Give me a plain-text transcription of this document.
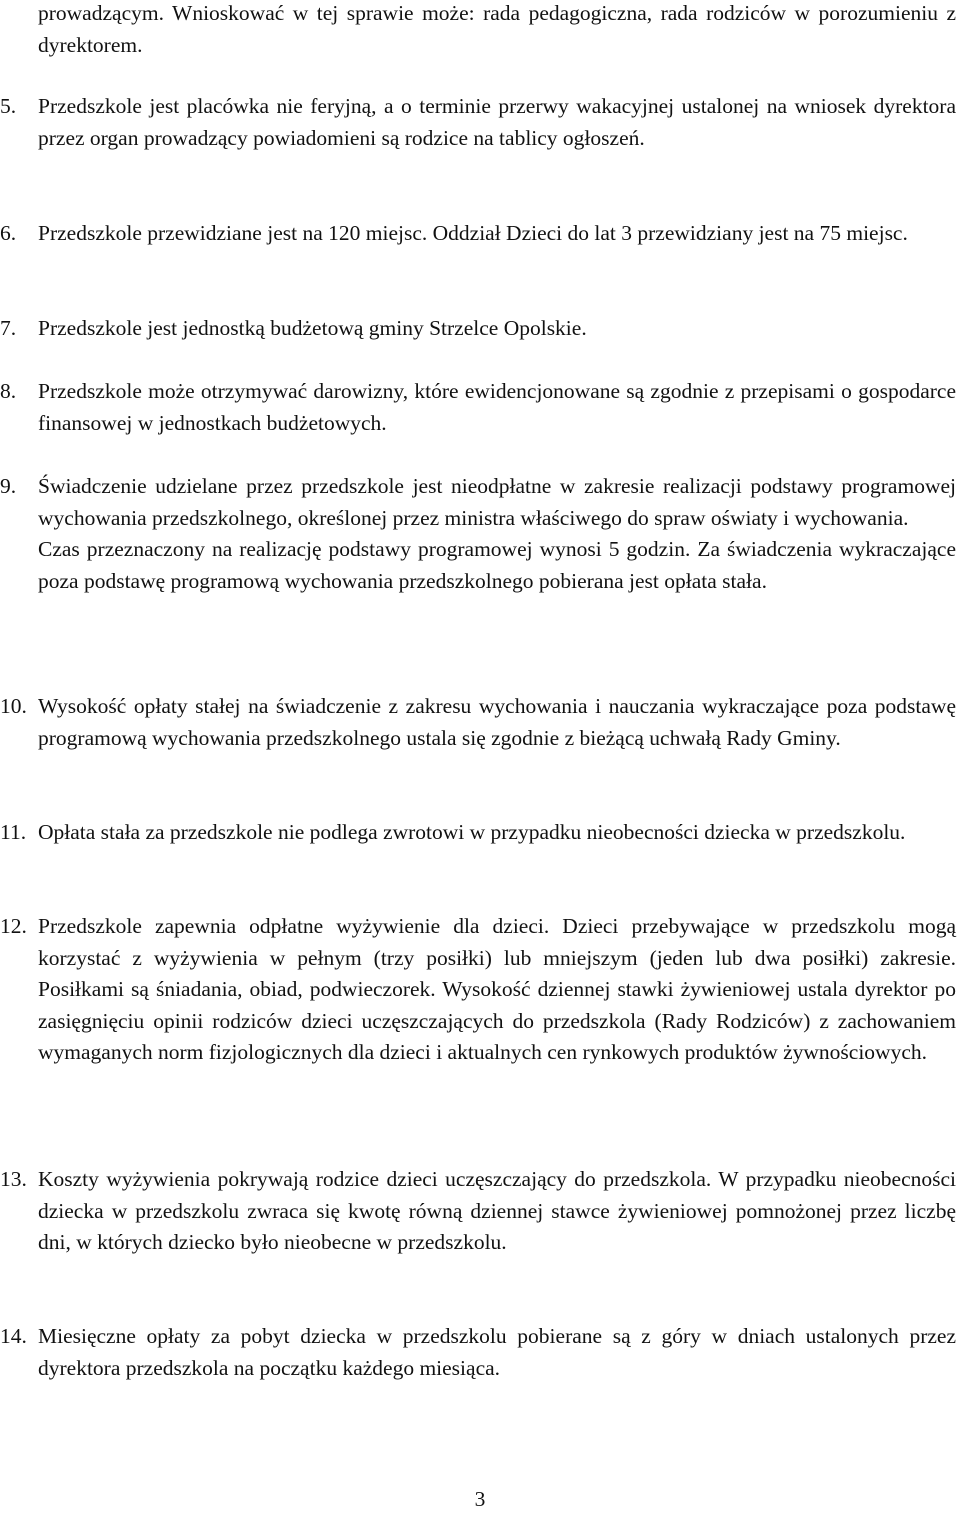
prowadzącym. Wnioskować w tej sprawie może: rada pedagogiczna, rada rodziców w porozumieniu z dyrektorem.
5.	Przedszkole jest placówka nie feryjną, a o terminie przerwy wakacyjnej ustalonej na wniosek dyrektora przez organ prowadzący powiadomieni są rodzice na tablicy ogłoszeń.
6.	Przedszkole przewidziane jest na 120 miejsc. Oddział Dzieci do lat 3 przewidziany jest na 75 miejsc.
7.	Przedszkole jest jednostką budżetową gminy Strzelce Opolskie.
8.	Przedszkole może otrzymywać darowizny, które ewidencjonowane są zgodnie z przepisami o gospodarce finansowej w jednostkach budżetowych.
9.	Świadczenie udzielane przez przedszkole jest nieodpłatne w zakresie realizacji podstawy programowej wychowania przedszkolnego, określonej przez ministra właściwego do spraw oświaty i wychowania.
Czas przeznaczony na realizację podstawy programowej wynosi 5 godzin. Za świadczenia wykraczające poza podstawę programową wychowania przedszkolnego pobierana jest opłata stała.
10. Wysokość opłaty stałej na świadczenie z zakresu wychowania i nauczania wykraczające poza podstawę programową wychowania przedszkolnego ustala się zgodnie z bieżącą uchwałą Rady Gminy.
11. Opłata stała za przedszkole nie podlega zwrotowi w przypadku nieobecności dziecka w przedszkolu.
12. Przedszkole zapewnia odpłatne wyżywienie dla dzieci. Dzieci przebywające w przedszkolu mogą korzystać z wyżywienia w pełnym (trzy posiłki) lub mniejszym (jeden lub dwa posiłki) zakresie. Posiłkami są śniadania, obiad, podwieczorek. Wysokość dziennej stawki żywieniowej ustala dyrektor po zasięgnięciu opinii rodziców dzieci uczęszczających do przedszkola (Rady Rodziców) z zachowaniem wymaganych norm fizjologicznych dla dzieci i aktualnych cen rynkowych produktów żywnościowych.
13. Koszty wyżywienia pokrywają rodzice dzieci uczęszczający do przedszkola. W przypadku nieobecności dziecka w przedszkolu zwraca się kwotę równą dziennej stawce żywieniowej pomnożonej przez liczbę dni, w których dziecko było nieobecne w przedszkolu.
14. Miesięczne opłaty za pobyt dziecka w przedszkolu pobierane są z góry w dniach ustalonych przez dyrektora przedszkola na początku każdego miesiąca.
3
